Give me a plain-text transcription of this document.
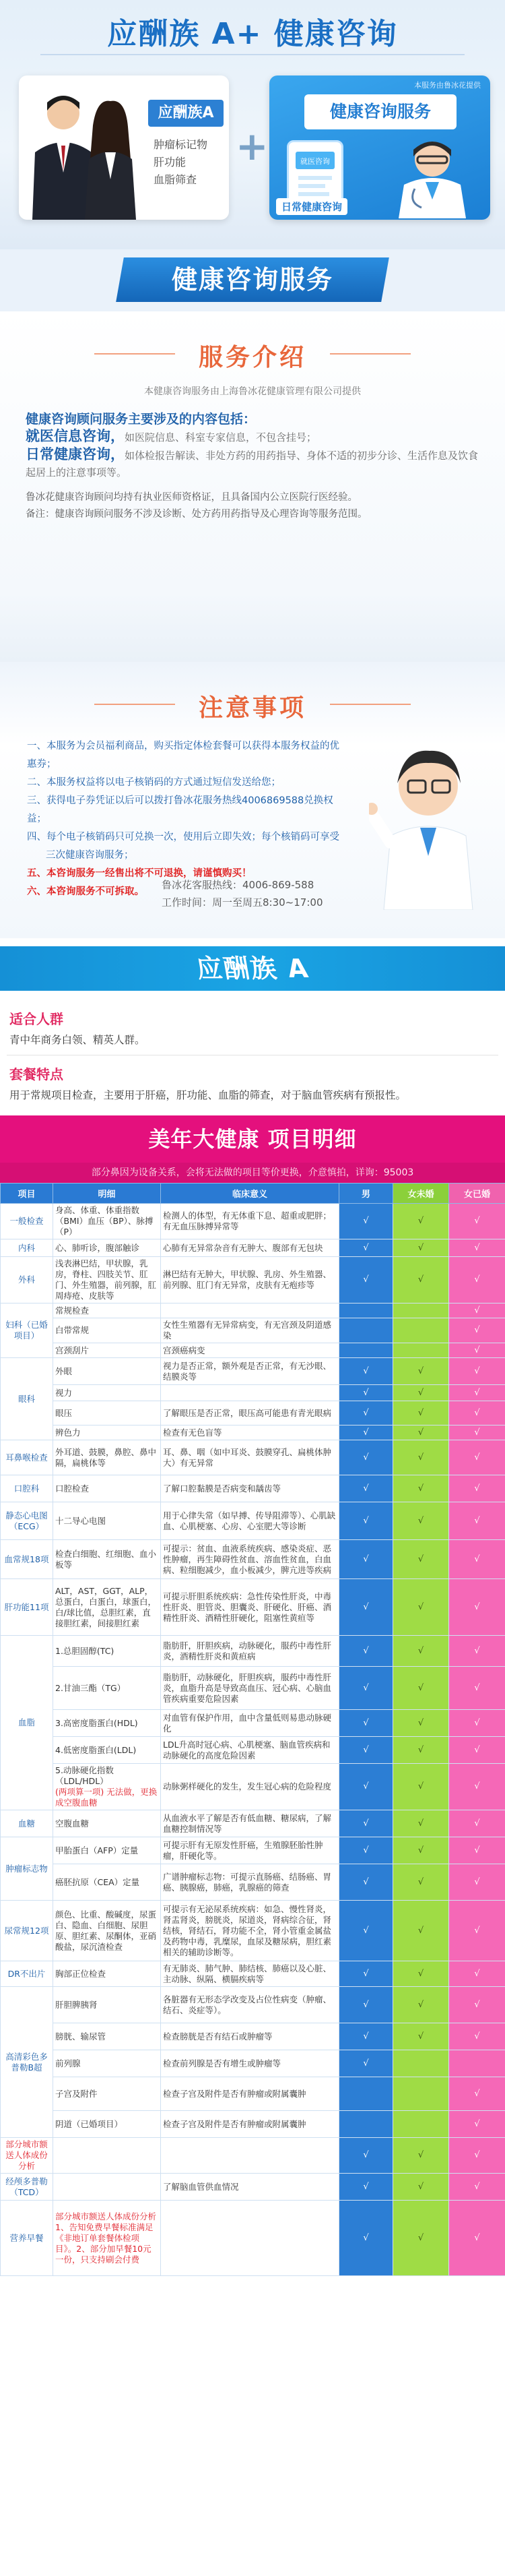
应酬族 A+ 健康咨询
应酬族A
肿瘤标记物
肝功能
血脂筛查
+
本服务由鲁冰花提供
健康咨询服务
就医咨询
日常健康咨询
健康咨询服务
服务介绍
本健康咨询服务由上海鲁冰花健康管理有限公司提供
健康咨询顾问服务主要涉及的内容包括：
就医信息咨询，如医院信息、科室专家信息，不包含挂号；
日常健康咨询，如体检报告解读、非处方药的用药指导、身体不适的初步分诊、生活作息及饮食起居上的注意事项等。
鲁冰花健康咨询顾问均持有执业医师资格证，且具备国内公立医院行医经验。
备注：健康咨询顾问服务不涉及诊断、处方药用药指导及心理咨询等服务范围。
注意事项
一、本服务为会员福利商品，购买指定体检套餐可以获得本服务权益的优惠券；
二、本服务权益将以电子核销码的方式通过短信发送给您；
三、获得电子券凭证以后可以拨打鲁冰花服务热线4006869588兑换权益；
四、每个电子核销码只可兑换一次，使用后立即失效；每个核销码可享受
三次健康咨询服务；
五、本咨询服务一经售出将不可退换，请谨慎购买！
六、本咨询服务不可拆取。
鲁冰花客服热线：4006-869-588
工作时间：周一至周五8:30~17:00
应酬族 A
适合人群
青中年商务白领、精英人群。
套餐特点
用于常规项目检查，主要用于肝癌，肝功能、血脂的筛查，对于脑血管疾病有预报性。
美年大健康 项目明细
部分鼻因为设备关系，会将无法做的项目等价更换，介意慎拍，详询：95003
项目	明细	临床意义	男	女未婚	女已婚
一般检查	身高、体重、体重指数（BMI）血压（BP）、脉搏（P）	检测人的体型，有无体重下息、超重或肥胖；有无血压脉搏异常等	√	√	√
内科	心、肺听诊，腹部触诊	心肺有无异常杂音有无肿大、腹部有无包块	√	√	√
外科	浅表淋巴结，甲状腺，乳房，脊柱、四肢关节、肛门、外生殖器，前列腺，肛周痔疮、皮肤等	淋巴结有无肿大，甲状腺、乳房、外生殖器、前列腺、肛门有无异常，皮肤有无疱疹等	√	√	√
妇科（已婚项目）	常规检查				√
	白带常规	女性生殖器有无异常病变，有无宫颈及阴道感染			√
	宫颈刮片	宫颈癌病变			√
眼科	外眼	视力是否正常，额外观是否正常，有无沙眼、结膜炎等	√	√	√
	视力		√	√	√
	眼压	了解眼压是否正常，眼压高可能患有青光眼病	√	√	√
	辨色力	检查有无色盲等	√	√	√
耳鼻喉检查	外耳道、鼓膜，鼻腔、鼻中隔，扁桃体等	耳、鼻、咽（如中耳炎、鼓膜穿孔、扁桃体肿大）有无异常	√	√	√
口腔科	口腔检查	了解口腔黏膜是否病变和龋齿等	√	√	√
静态心电图（ECG）	十二导心电图	用于心律失常（如早搏、传导阻滞等）、心肌缺血、心肌梗塞、心房、心室肥大等诊断	√	√	√
血常规18项	检查白细胞、红细胞、血小板等	可提示：贫血、血液系统疾病、感染炎症、恶性肿瘤，再生障碍性贫血、溶血性贫血，白血病、粒细胞减少，血小板减少，脾亢进等疾病	√	√	√
肝功能11项	ALT，AST，GGT，ALP，总蛋白，白蛋白，球蛋白，白/球比值，总胆红素，直接胆红素，间接胆红素	可提示肝胆系统疾病：急性传染性肝炎，中毒性肝炎、胆管炎、胆囊炎、肝硬化、肝癌、酒精性肝炎、酒精性肝硬化，阻塞性黄疸等	√	√	√
血脂	1.总胆固醇(TC)	脂肪肝，肝胆疾病，动脉硬化，服药中毒性肝炎，酒精性肝炎和黄疸病	√	√	√
	2.甘油三酯（TG）	脂肪肝，动脉硬化，肝胆疾病，服药中毒性肝炎，血脂升高是导致高血压、冠心病、心脑血管疾病重要危险因素	√	√	√
	3.高密度脂蛋白(HDL)	对血管有保护作用，血中含量低则易患动脉硬化	√	√	√
	4.低密度脂蛋白(LDL)	LDL升高时冠心病、心肌梗塞、脑血管疾病和动脉硬化的高度危险因素	√	√	√
	5.动脉硬化指数（LDL/HDL）
(两项算一项) 无法做，更换成空腹血糖	动脉粥样硬化的发生，发生冠心病的危险程度	√	√	√
血糖	空腹血糖	从血液水平了解是否有低血糖、糖尿病，了解血糖控制情况等	√	√	√
肿瘤标志物	甲胎蛋白（AFP）定量	可提示肝有无原发性肝癌，生殖腺胚胎性肿瘤，肝硬化等。	√	√	√
	癌胚抗原（CEA）定量	广谱肿瘤标志物：可提示直肠癌、结肠癌、胃癌、胰腺癌，肺癌，乳腺癌的筛查	√	√	√
尿常规12项	颜色、比重、酸碱度，尿蛋白、隐血、白细胞、尿胆原、胆红素、尿酮体，亚硝酸盐，尿沉渣检查	可提示有无泌尿系统疾病：如急、慢性肾炎，肾盂肾炎，膀胱炎，尿道炎，肾病综合征，肾结核，肾结石，肾功能不全，肾小管重金属盐及药物中毒，乳糜尿，血尿及糖尿病，胆红素相关的辅助诊断等。	√	√	√
DR不出片	胸部正位检查	有无肺炎、肺气肿、肺结核、肺癌以及心脏、主动脉、纵隔、横膈疾病等	√	√	√
高清彩色多普勒B超	肝胆脾胰肾	各脏器有无形态学改变及占位性病变（肿瘤、结石、炎症等）。	√	√	√
	膀胱、输尿管	检查膀胱是否有结石或肿瘤等	√	√	√
	前列腺	检查前列腺是否有增生或肿瘤等	√		
	子宫及附件	检查子宫及附件是否有肿瘤或附属囊肿			√
	阴道（已婚项目）	检查子宫及附件是否有肿瘤或附属囊肿			√
部分城市额送人体成份分析			√	√	√
经颅多普勒（TCD）		了解脑血管供血情况	√	√	√
营养早餐	部分城市额送人体成份分析 1、告知免费早餐标准满足《非地订单套餐体检项目》。2、部分加早餐10元一份，只支持刷会付费		√	√	√
